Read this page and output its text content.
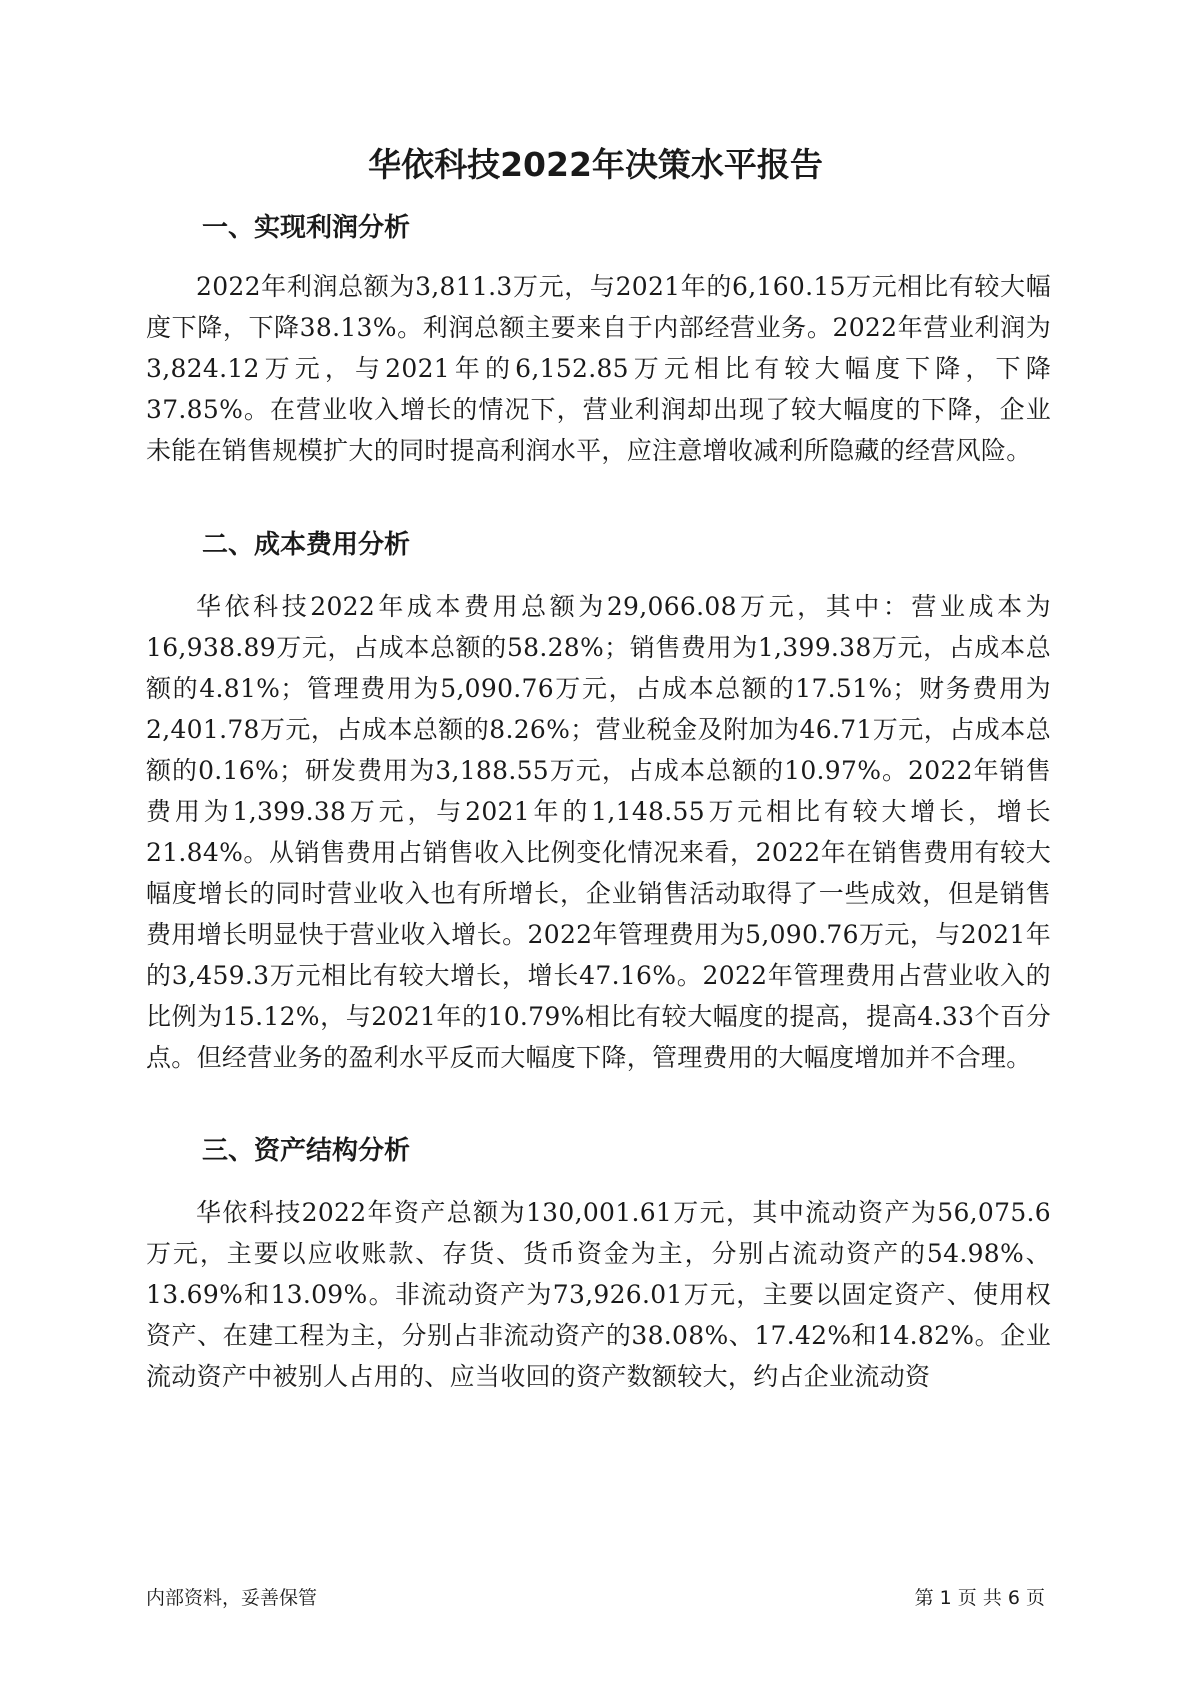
华依科技2022年决策水平报告
一、实现利润分析

2022年利润总额为3,811.3万元，与2021年的6,160.15万元相比有较大幅度下降，下降38.13%。利润总额主要来自于内部经营业务。2022年营业利润为3,824.12万元，与2021年的6,152.85万元相比有较大幅度下降，下降37.85%。在营业收入增长的情况下，营业利润却出现了较大幅度的下降，企业未能在销售规模扩大的同时提高利润水平，应注意增收减利所隐藏的经营风险。

二、成本费用分析

华依科技2022年成本费用总额为29,066.08万元，其中：营业成本为16,938.89万元，占成本总额的58.28%；销售费用为1,399.38万元，占成本总额的4.81%；管理费用为5,090.76万元，占成本总额的17.51%；财务费用为2,401.78万元，占成本总额的8.26%；营业税金及附加为46.71万元，占成本总额的0.16%；研发费用为3,188.55万元，占成本总额的10.97%。2022年销售费用为1,399.38万元，与2021年的1,148.55万元相比有较大增长，增长21.84%。从销售费用占销售收入比例变化情况来看，2022年在销售费用有较大幅度增长的同时营业收入也有所增长，企业销售活动取得了一些成效，但是销售费用增长明显快于营业收入增长。2022年管理费用为5,090.76万元，与2021年的3,459.3万元相比有较大增长，增长47.16%。2022年管理费用占营业收入的比例为15.12%，与2021年的10.79%相比有较大幅度的提高，提高4.33个百分点。但经营业务的盈利水平反而大幅度下降，管理费用的大幅度增加并不合理。

三、资产结构分析

华依科技2022年资产总额为130,001.61万元，其中流动资产为56,075.6万元，主要以应收账款、存货、货币资金为主，分别占流动资产的54.98%、13.69%和13.09%。非流动资产为73,926.01万元，主要以固定资产、使用权资产、在建工程为主，分别占非流动资产的38.08%、17.42%和14.82%。企业流动资产中被别人占用的、应当收回的资产数额较大，约占企业流动资

内部资料，妥善保管	第 1 页 共 6 页
